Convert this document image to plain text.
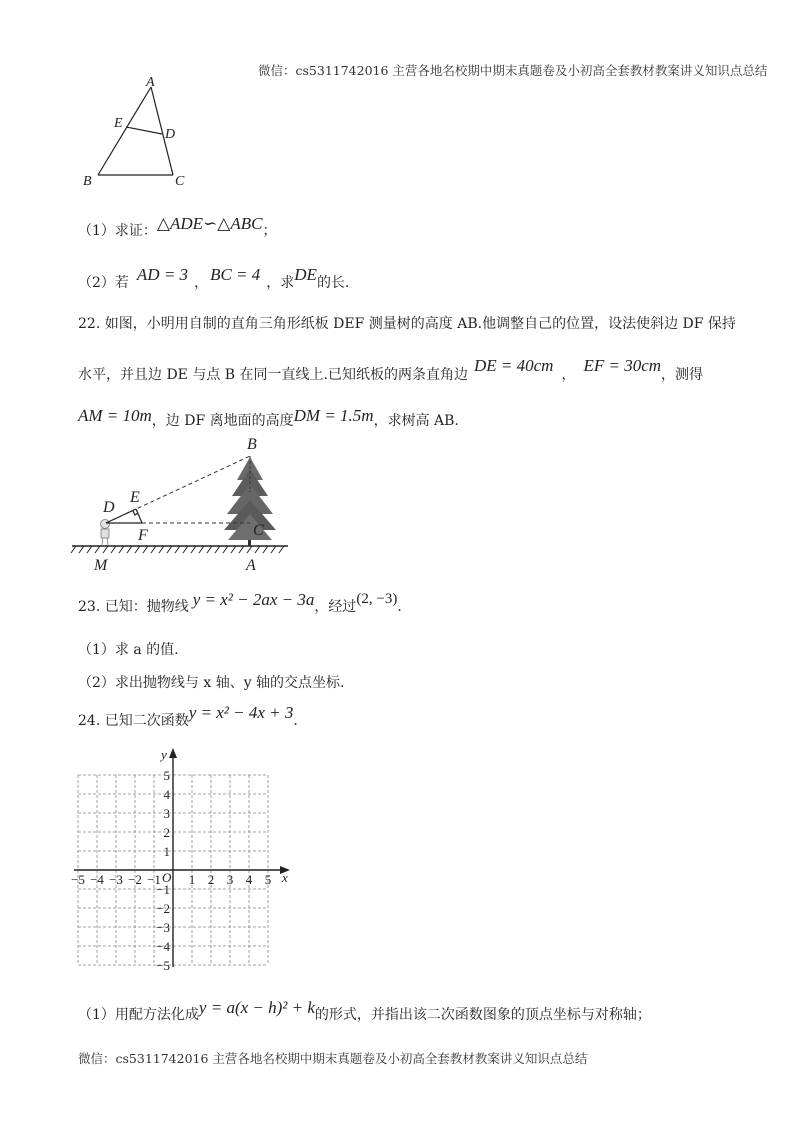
微信：cs5311742016 主营各地名校期中期末真题卷及小初高全套教材教案讲义知识点总结
A
E
D
B	C
（1）求证：△ADE∽△ABC；
（2）若 AD = 3 ， BC = 4 ，求DE的长.
22. 如图，小明用自制的直角三角形纸板 DEF 测量树的高度 AB.他调整自己的位置，设法使斜边 DF 保持
水平，并且边 DE 与点 B 在同一直线上.已知纸板的两条直角边 DE = 40cm ， EF = 30cm，测得
AM = 10m，边 DF 离地面的高度DM = 1.5m，求树高 AB.
B
D
E
F	C
M	A
23. 已知：抛物线 y = x² − 2ax − 3a，经过(2, −3).
（1）求 a 的值.
（2）求出抛物线与 x 轴、y 轴的交点坐标.
24. 已知二次函数y = x² − 4x + 3.
x
y
O
−5 −4 −3 −2 −1 1 2 3 4 5
5
4
3
2
1
−1
−2
−3
−4
−5
（1）用配方法化成y = a(x − h)² + k的形式，并指出该二次函数图象的顶点坐标与对称轴；
微信：cs5311742016 主营各地名校期中期末真题卷及小初高全套教材教案讲义知识点总结
